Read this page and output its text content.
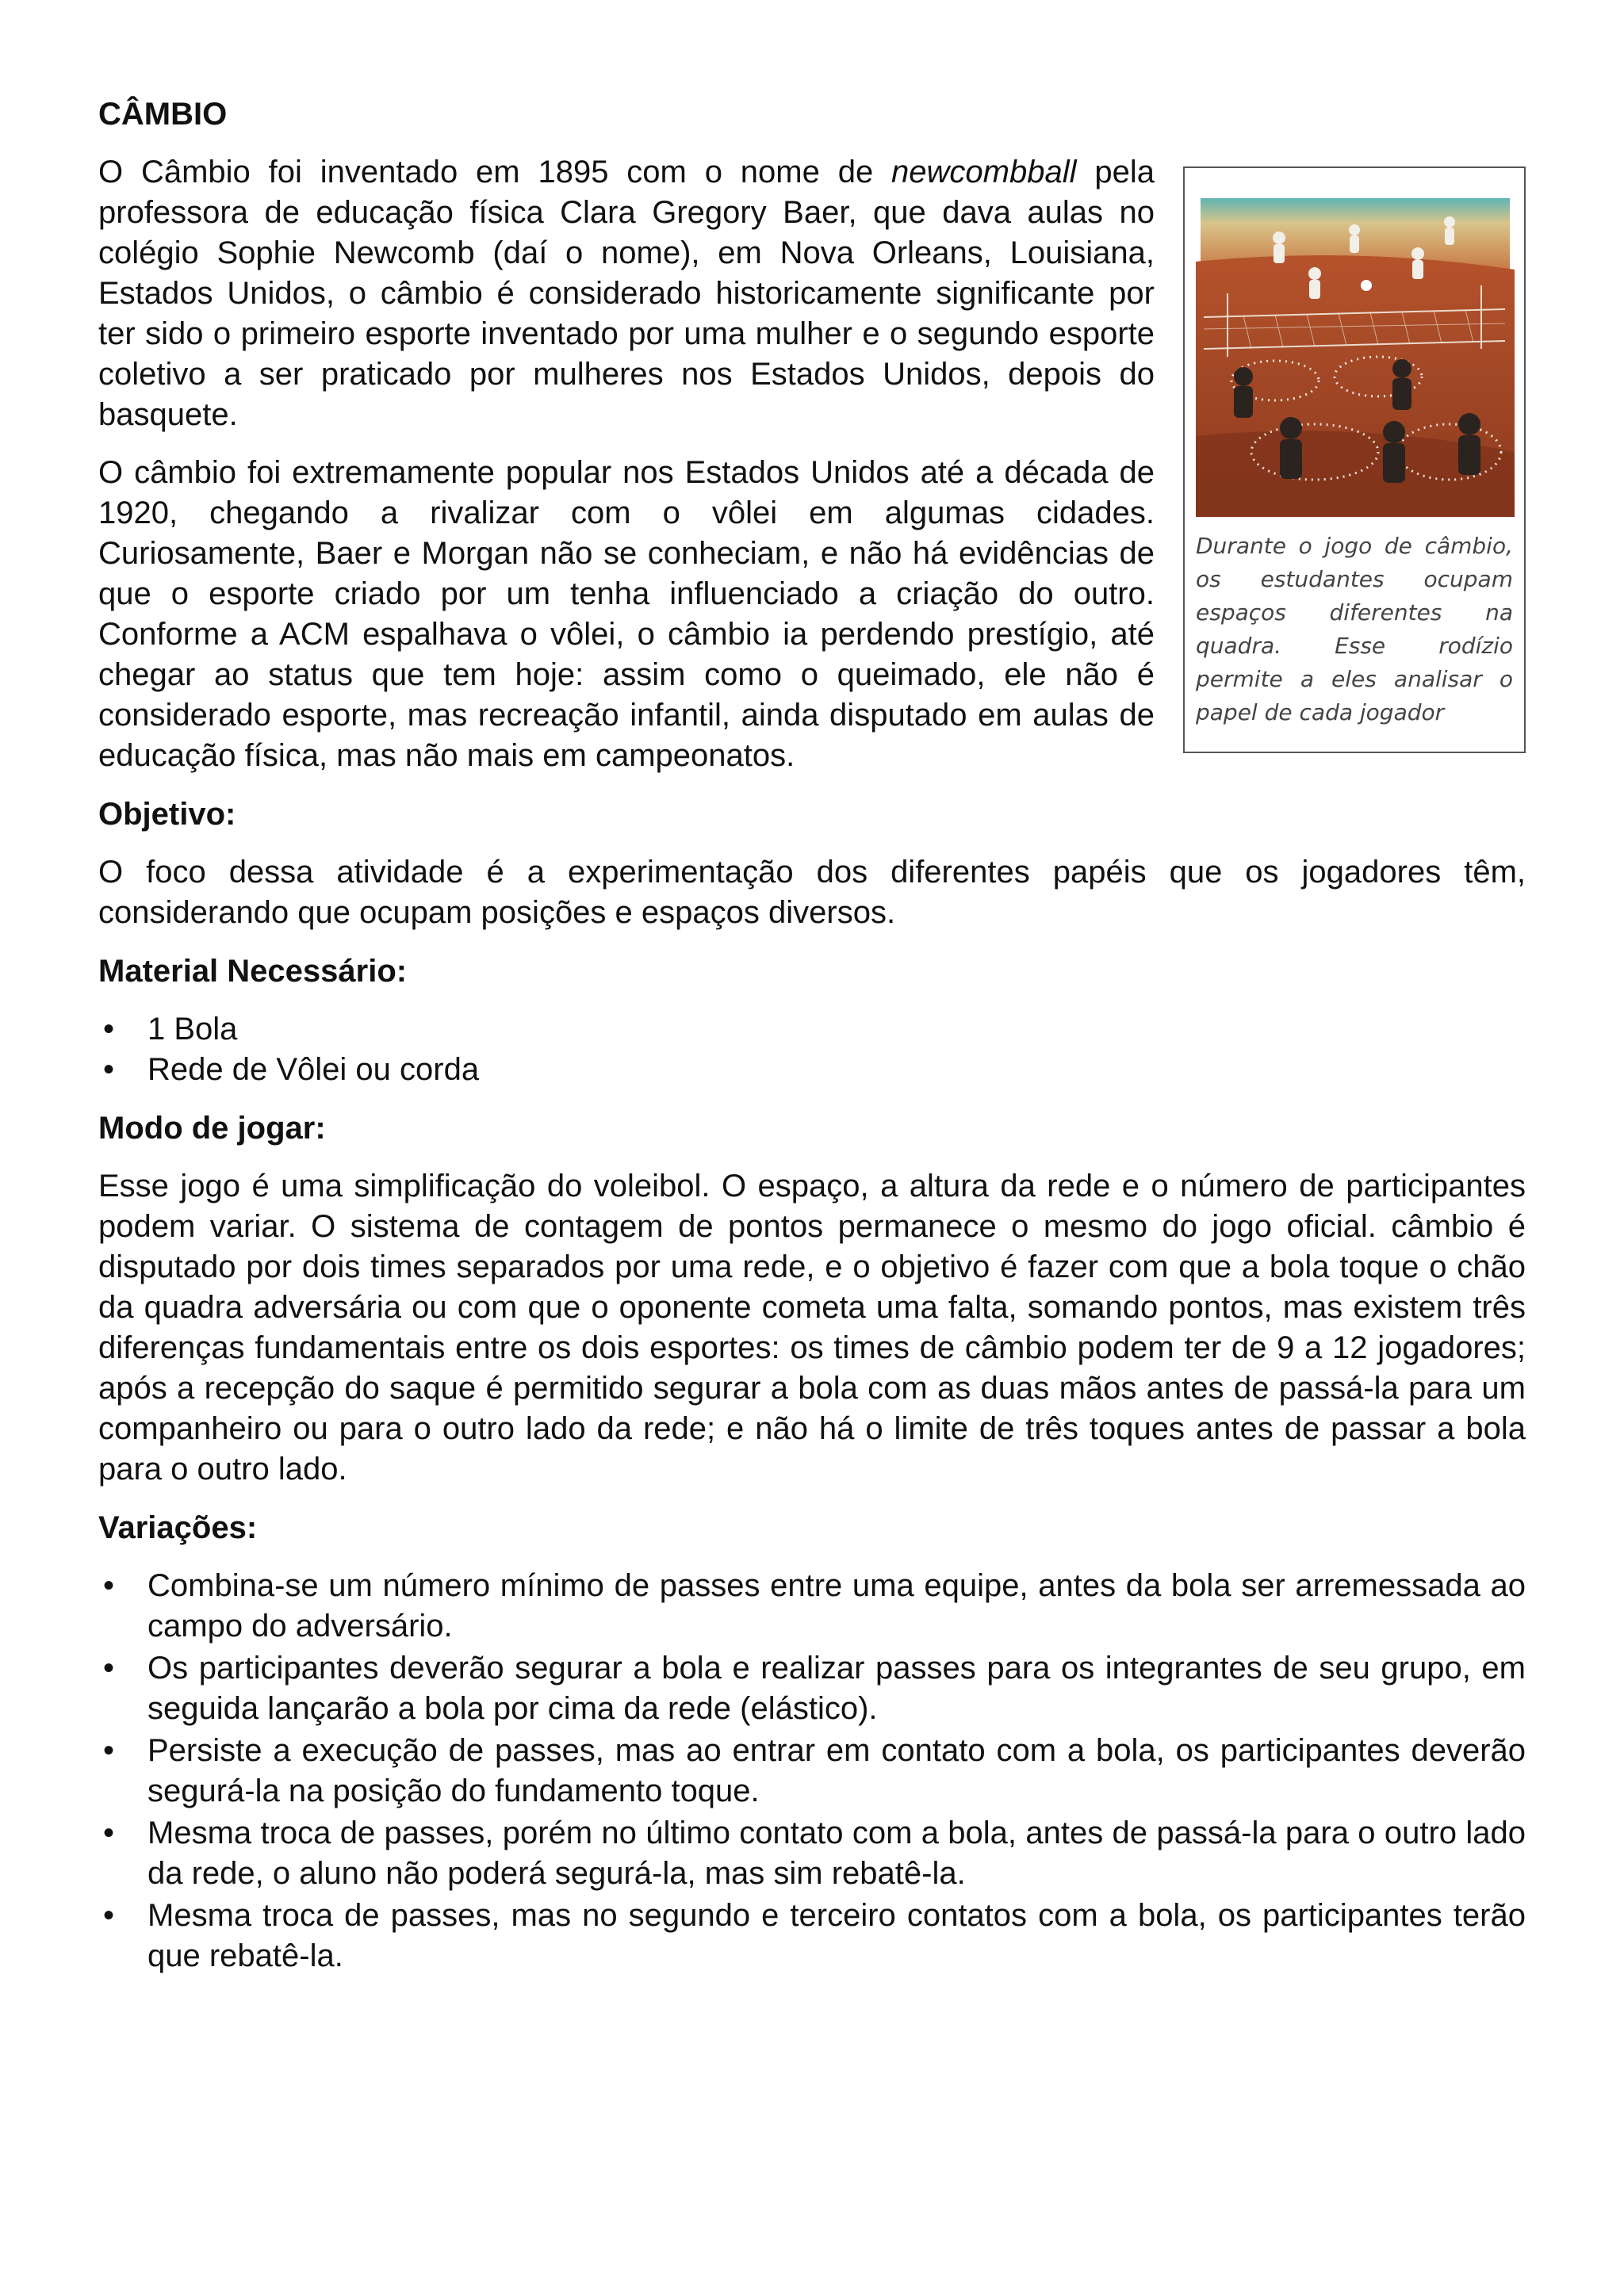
CÂMBIO
Durante o jogo de câmbio, os estudantes ocupam espaços diferentes na quadra. Esse rodízio permite a eles analisar o papel de cada jogador

O Câmbio foi inventado em 1895 com o nome de newcombball pela professora de educação física Clara Gregory Baer, que dava aulas no colégio Sophie Newcomb (daí o nome), em Nova Orleans, Louisiana, Estados Unidos, o câmbio é considerado historicamente significante por ter sido o primeiro esporte inventado por uma mulher e o segundo esporte coletivo a ser praticado por mulheres nos Estados Unidos, depois do basquete.

O câmbio foi extremamente popular nos Estados Unidos até a década de 1920, chegando a rivalizar com o vôlei em algumas cidades. Curiosamente, Baer e Morgan não se conheciam, e não há evidências de que o esporte criado por um tenha influenciado a criação do outro. Conforme a ACM espalhava o vôlei, o câmbio ia perdendo prestígio, até chegar ao status que tem hoje: assim como o queimado, ele não é considerado esporte, mas recreação infantil, ainda disputado em aulas de educação física, mas não mais em campeonatos.

Objetivo:

O foco dessa atividade é a experimentação dos diferentes papéis que os jogadores têm, considerando que ocupam posições e espaços diversos.

Material Necessário:
• 1 Bola
• Rede de Vôlei ou corda
Modo de jogar:

Esse jogo é uma simplificação do voleibol. O espaço, a altura da rede e o número de participantes podem variar. O sistema de contagem de pontos permanece o mesmo do jogo oficial. câmbio é disputado por dois times separados por uma rede, e o objetivo é fazer com que a bola toque o chão da quadra adversária ou com que o oponente cometa uma falta, somando pontos, mas existem três diferenças fundamentais entre os dois esportes: os times de câmbio podem ter de 9 a 12 jogadores; após a recepção do saque é permitido segurar a bola com as duas mãos antes de passá-la para um companheiro ou para o outro lado da rede; e não há o limite de três toques antes de passar a bola para o outro lado.

Variações:
• Combina-se um número mínimo de passes entre uma equipe, antes da bola ser arremessada ao campo do adversário.
• Os participantes deverão segurar a bola e realizar passes para os integrantes de seu grupo, em seguida lançarão a bola por cima da rede (elástico).
• Persiste a execução de passes, mas ao entrar em contato com a bola, os participantes deverão segurá-la na posição do fundamento toque.
• Mesma troca de passes, porém no último contato com a bola, antes de passá-la para o outro lado da rede, o aluno não poderá segurá-la, mas sim rebatê-la.
• Mesma troca de passes, mas no segundo e terceiro contatos com a bola, os participantes terão que rebatê-la.
